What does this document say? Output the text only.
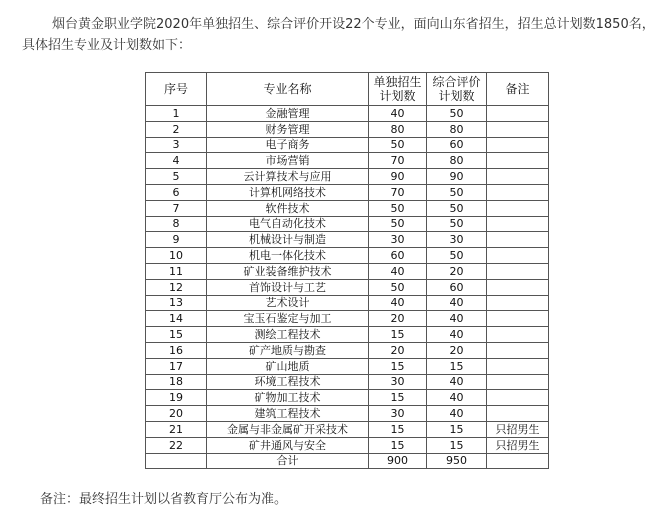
烟台黄金职业学院2020年单独招生、综合评价开设22个专业，面向山东省招生，招生总计划数1850名，

具体招生专业及计划数如下：

序号	专业名称	单独招生计划数	综合评价计划数	备注
1	金融管理	40	50	
2	财务管理	80	80	
3	电子商务	50	60	
4	市场营销	70	80	
5	云计算技术与应用	90	90	
6	计算机网络技术	70	50	
7	软件技术	50	50	
8	电气自动化技术	50	50	
9	机械设计与制造	30	30	
10	机电一体化技术	60	50	
11	矿业装备维护技术	40	20	
12	首饰设计与工艺	50	60	
13	艺术设计	40	40	
14	宝玉石鉴定与加工	20	40	
15	测绘工程技术	15	40	
16	矿产地质与勘查	20	20	
17	矿山地质	15	15	
18	环境工程技术	30	40	
19	矿物加工技术	15	40	
20	建筑工程技术	30	40	
21	金属与非金属矿开采技术	15	15	只招男生
22	矿井通风与安全	15	15	只招男生
	合计	900	950	
备注：最终招生计划以省教育厅公布为准。
